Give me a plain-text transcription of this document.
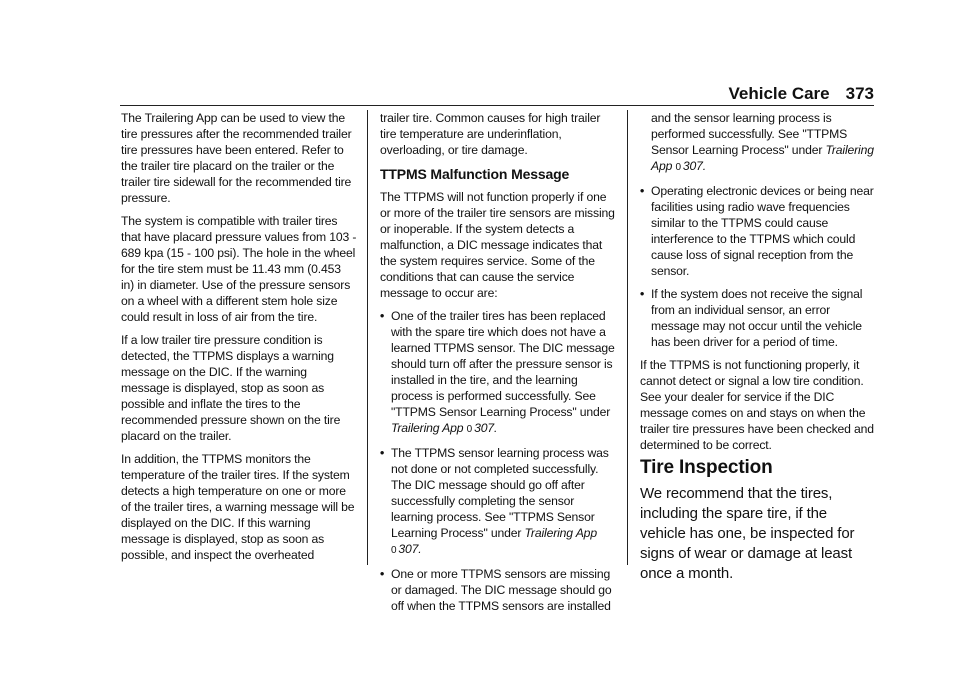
Vehicle Care 373

The Trailering App can be used to view the tire pressures after the recommended trailer tire pressures have been entered. Refer to the trailer tire placard on the trailer or the trailer tire sidewall for the recommended tire pressure.

The system is compatible with trailer tires that have placard pressure values from 103 - 689 kpa (15 - 100 psi). The hole in the wheel for the tire stem must be 11.43 mm (0.453 in) in diameter. Use of the pressure sensors on a wheel with a different stem hole size could result in loss of air from the tire.

If a low trailer tire pressure condition is detected, the TTPMS displays a warning message on the DIC. If the warning message is displayed, stop as soon as possible and inflate the tires to the recommended pressure shown on the tire placard on the trailer.

In addition, the TTPMS monitors the temperature of the trailer tires. If the system detects a high temperature on one or more of the trailer tires, a warning message will be displayed on the DIC. If this warning message is displayed, stop as soon as possible, and inspect the overheated

trailer tire. Common causes for high trailer tire temperature are underinflation, overloading, or tire damage.

TTPMS Malfunction Message

The TTPMS will not function properly if one or more of the trailer tire sensors are missing or inoperable. If the system detects a malfunction, a DIC message indicates that the system requires service. Some of the conditions that can cause the service message to occur are:

• One of the trailer tires has been replaced with the spare tire which does not have a learned TTPMS sensor. The DIC message should turn off after the pressure sensor is installed in the tire, and the learning process is performed successfully. See "TTPMS Sensor Learning Process" under Trailering App 0 307.
• The TTPMS sensor learning process was not done or not completed successfully. The DIC message should go off after successfully completing the sensor learning process. See "TTPMS Sensor Learning Process" under Trailering App 0 307.
• One or more TTPMS sensors are missing or damaged. The DIC message should go off when the TTPMS sensors are installed

and the sensor learning process is performed successfully. See "TTPMS Sensor Learning Process" under Trailering App 0 307.

• Operating electronic devices or being near facilities using radio wave frequencies similar to the TTPMS could cause interference to the TTPMS which could cause loss of signal reception from the sensor.
• If the system does not receive the signal from an individual sensor, an error message may not occur until the vehicle has been driver for a period of time.

If the TTPMS is not functioning properly, it cannot detect or signal a low tire condition. See your dealer for service if the DIC message comes on and stays on when the trailer tire pressures have been checked and determined to be correct.

Tire Inspection

We recommend that the tires, including the spare tire, if the vehicle has one, be inspected for signs of wear or damage at least once a month.
